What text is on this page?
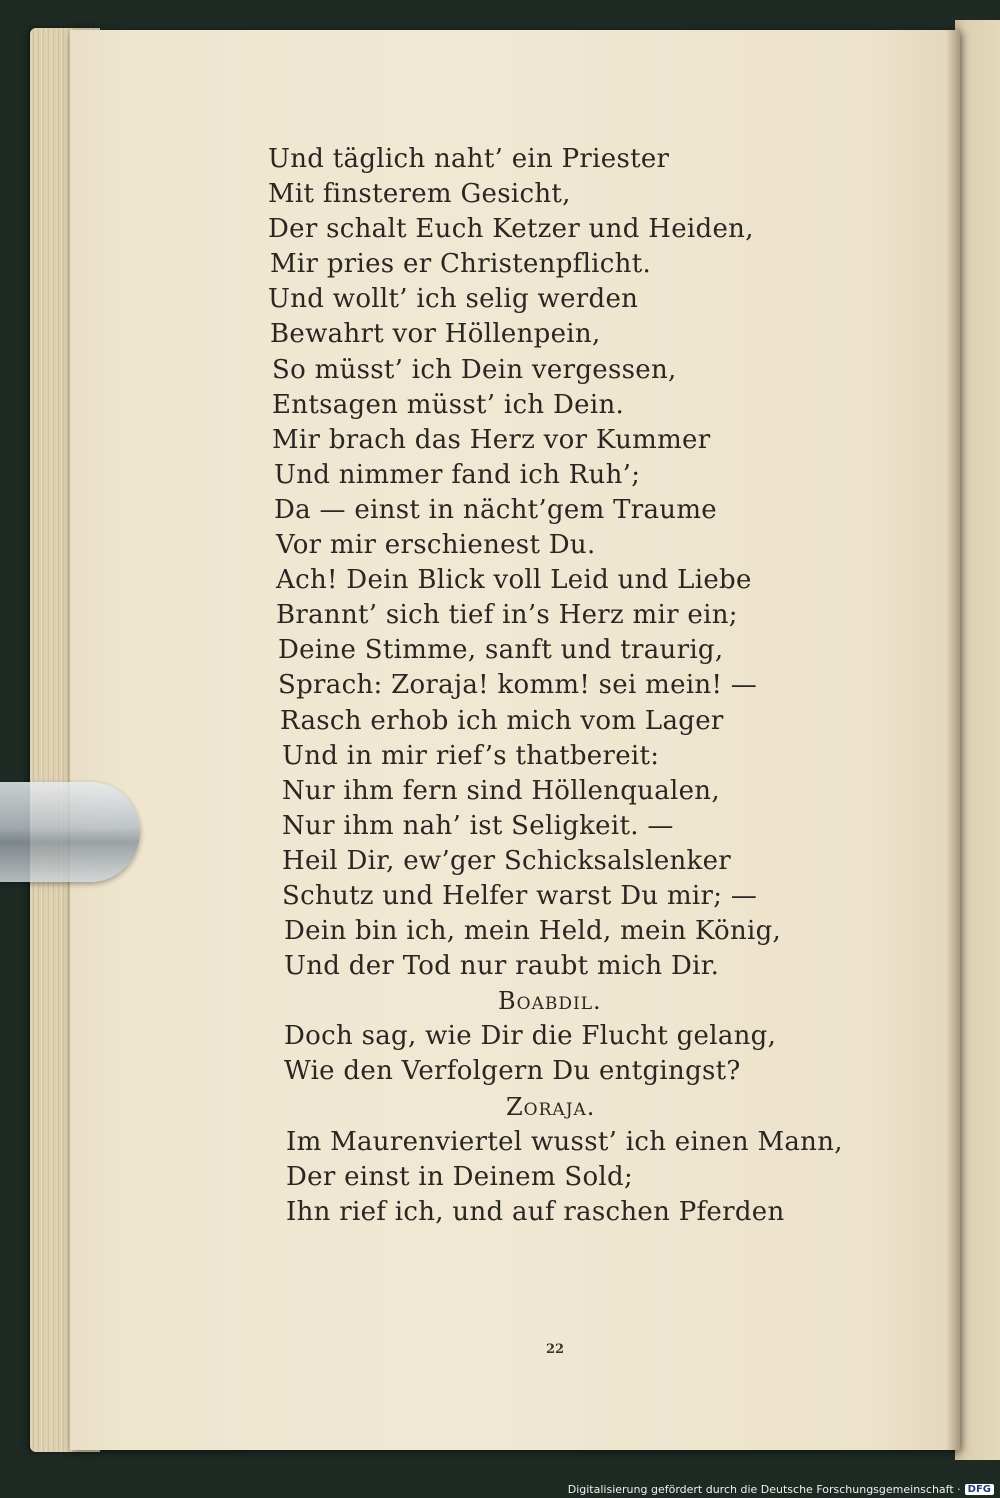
Und täglich naht’ ein Priester
Mit finsterem Gesicht,
Der schalt Euch Ketzer und Heiden,
Mir pries er Christenpflicht.
Und wollt’ ich selig werden
Bewahrt vor Höllenpein,
So müsst’ ich Dein vergessen,
Entsagen müsst’ ich Dein.
Mir brach das Herz vor Kummer
Und nimmer fand ich Ruh’;
Da — einst in nächt’gem Traume
Vor mir erschienest Du.
Ach! Dein Blick voll Leid und Liebe
Brannt’ sich tief in’s Herz mir ein;
Deine Stimme, sanft und traurig,
Sprach: Zoraja! komm! sei mein! —
Rasch erhob ich mich vom Lager
Und in mir rief’s thatbereit:
Nur ihm fern sind Höllenqualen,
Nur ihm nah’ ist Seligkeit. —
Heil Dir, ew’ger Schicksalslenker
Schutz und Helfer warst Du mir; —
Dein bin ich, mein Held, mein König,
Und der Tod nur raubt mich Dir.
Boabdil.
Doch sag, wie Dir die Flucht gelang,
Wie den Verfolgern Du entgingst?
Zoraja.
Im Maurenviertel wusst’ ich einen Mann,
Der einst in Deinem Sold;
Ihn rief ich, und auf raschen Pferden
22
Digitalisierung gefördert durch die Deutsche Forschungsgemeinschaft · DFG
